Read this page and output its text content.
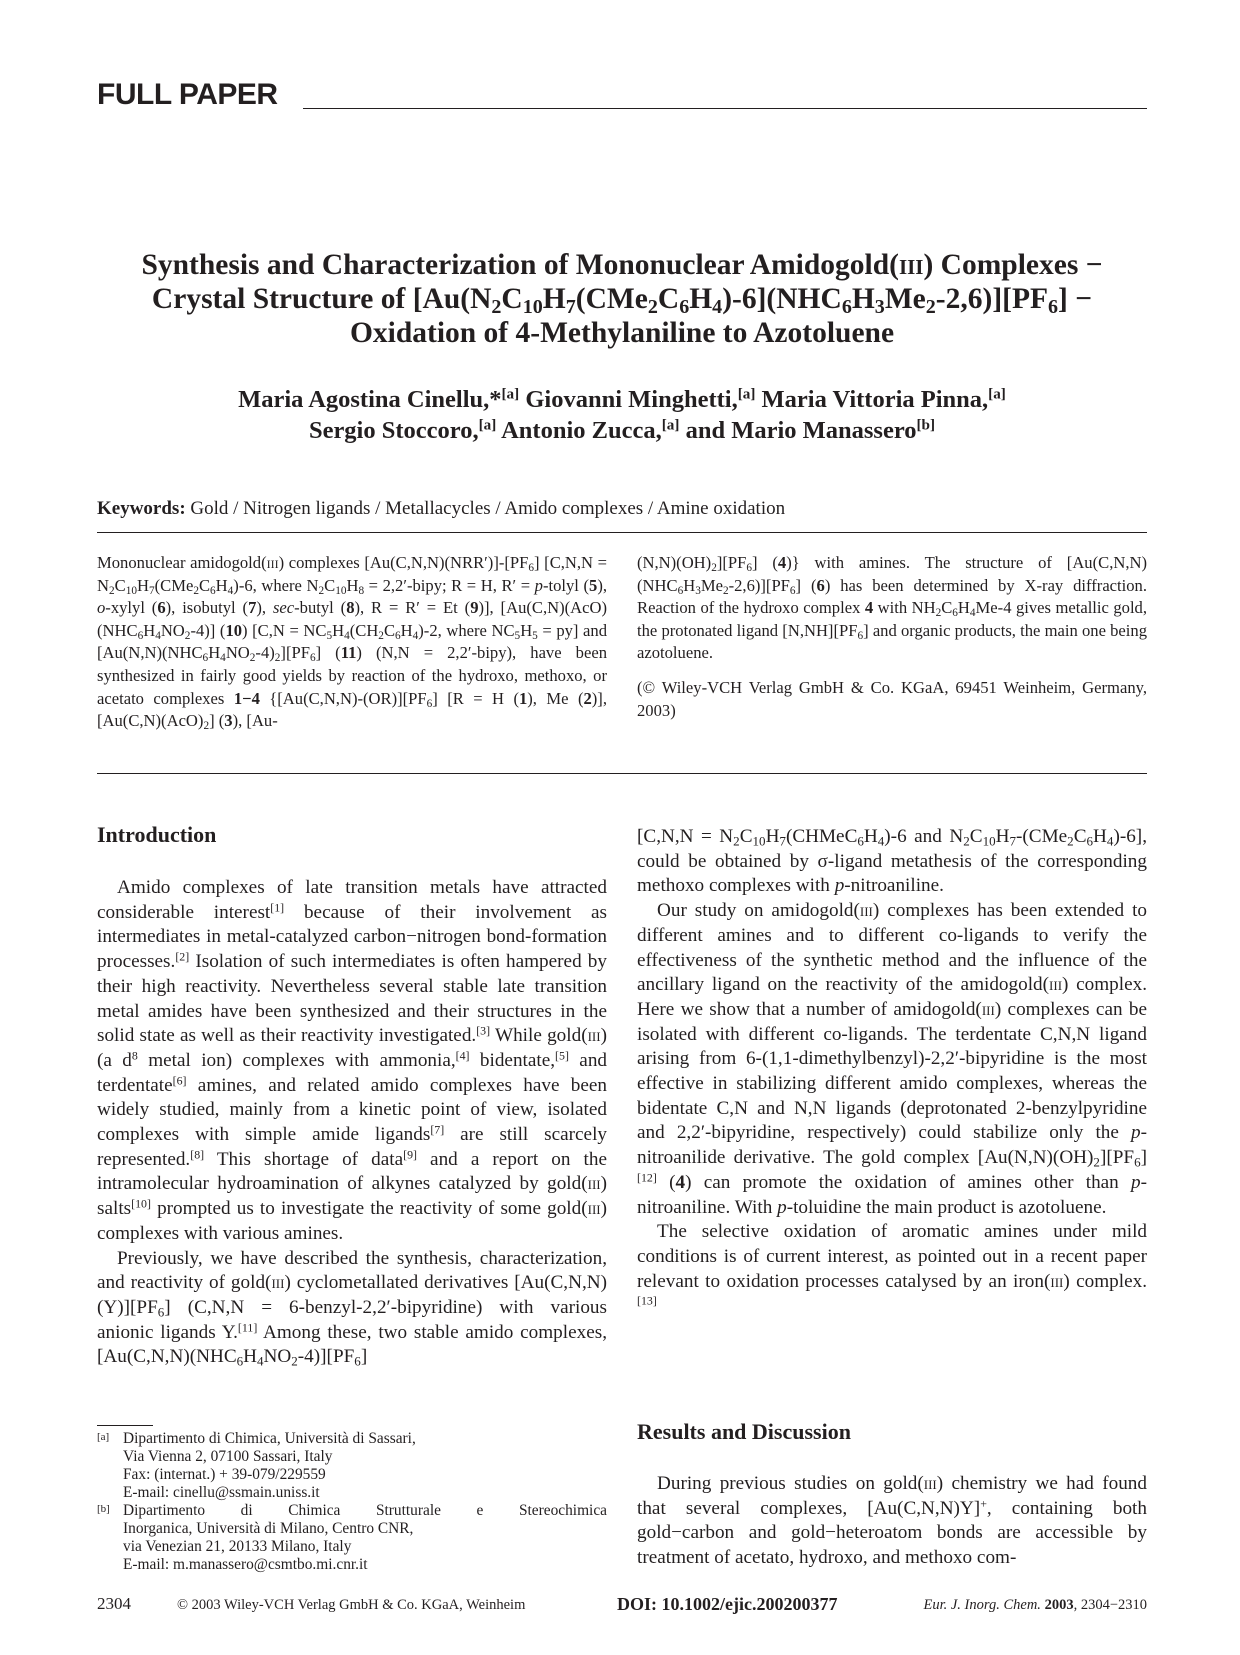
FULL PAPER
Synthesis and Characterization of Mononuclear Amidogold(iii) Complexes −
Crystal Structure of $[Au(N_2C_{10}H_7(CMe_2C_6H_4)-6](NHC_6H_3Me_2-2,6)][PF_6]$ −
Oxidation of 4-Methylaniline to Azotoluene
Maria Agostina Cinellu,*[a] Giovanni Minghetti,[a] Maria Vittoria Pinna,[a]
Sergio Stoccoro,[a] Antonio Zucca,[a] and Mario Manassero[b]
Keywords: Gold / Nitrogen ligands / Metallacycles / Amido complexes / Amine oxidation

Mononuclear amidogold(iii) complexes $[Au(C,N,N)(NRR')]-[PF_6] [C,N,N = N_2C_{10}H_7(CMe_2C_6H_4)-6$, where $N_2C_{10}H_8$ = 2,2′-bipy; R = H, R′ = p-tolyl (5), o-xylyl (6), isobutyl (7), sec-butyl (8), R = R′ = Et (9)], $[Au(C,N)(AcO)(NHC_6H_4NO_2-4)]$ (10) [$C,N = NC_5H_4(CH_2C_6H_4)-2$, where $NC_5H_5 = py$] and $[Au(N,N)(NHC_6H_4NO_2-4)_2][PF_6]$ (11) (N,N = 2,2′-bipy), have been synthesized in fairly good yields by reaction of the hydroxo, methoxo, or acetato complexes 1−4 {$[Au(C,N,N)-(OR)][PF_6] [R = H$ (1), Me (2)], $[Au(C,N)(AcO)_2]$ (3), [Au-

$(N,N)(OH)_2][PF_6]$ (4)} with amines. The structure of $[Au(C,N,N)(NHC_6H_3Me_2-2,6)][PF_6]$ (6) has been determined by X-ray diffraction. Reaction of the hydroxo complex 4 with $NH_2C_6H_4Me-4$ gives metallic gold, the protonated ligand $[N,NH][PF_6]$ and organic products, the main one being azotoluene.

(© Wiley-VCH Verlag GmbH & Co. KGaA, 69451 Weinheim, Germany, 2003)

Introduction

Amido complexes of late transition metals have attracted considerable interest[1] because of their involvement as intermediates in metal-catalyzed carbon−nitrogen bond-formation processes.[2] Isolation of such intermediates is often hampered by their high reactivity. Nevertheless several stable late transition metal amides have been synthesized and their structures in the solid state as well as their reactivity investigated.[3] While gold(iii) (a $d^8$ metal ion) complexes with ammonia,[4] bidentate,[5] and terdentate[6] amines, and related amido complexes have been widely studied, mainly from a kinetic point of view, isolated complexes with simple amide ligands[7] are still scarcely represented.[8] This shortage of data[9] and a report on the intramolecular hydroamination of alkynes catalyzed by gold(iii) salts[10] prompted us to investigate the reactivity of some gold(iii) complexes with various amines.

Previously, we have described the synthesis, characterization, and reactivity of gold(iii) cyclometallated derivatives $[Au(C,N,N)(Y)][PF_6] (C,N,N$ = 6-benzyl-2,2′-bipyridine) with various anionic ligands Y.[11] Among these, two stable amido complexes, $[Au(C,N,N)(NHC_6H_4NO_2-4)][PF_6]$

[$C,N,N = N_2C_{10}H_7(CHMeC_6H_4)-6$ and $N_2C_{10}H_7-(CMe_2C_6H_4)-6$], could be obtained by σ-ligand metathesis of the corresponding methoxo complexes with p-nitroaniline.

Our study on amidogold(iii) complexes has been extended to different amines and to different co-ligands to verify the effectiveness of the synthetic method and the influence of the ancillary ligand on the reactivity of the amidogold(iii) complex. Here we show that a number of amidogold(iii) complexes can be isolated with different co-ligands. The terdentate C,N,N ligand arising from 6-(1,1-dimethylbenzyl)-2,2′-bipyridine is the most effective in stabilizing different amido complexes, whereas the bidentate C,N and N,N ligands (deprotonated 2-benzylpyridine and 2,2′-bipyridine, respectively) could stabilize only the p-nitroanilide derivative. The gold complex $[Au(N,N)(OH)_2][PF_6][12]$ (4) can promote the oxidation of amines other than p-nitroaniline. With p-toluidine the main product is azotoluene.

The selective oxidation of aromatic amines under mild conditions is of current interest, as pointed out in a recent paper relevant to oxidation processes catalysed by an iron(iii) complex.[13]

Results and Discussion

During previous studies on gold(iii) chemistry we had found that several complexes, [Au(C,N,N)Y]+, containing both gold−carbon and gold−heteroatom bonds are accessible by treatment of acetato, hydroxo, and methoxo com-

[a] Dipartimento di Chimica, Università di Sassari,
Via Vienna 2, 07100 Sassari, Italy
Fax: (internat.) + 39-079/229559
E-mail: cinellu@ssmain.uniss.it
[b] Dipartimento di Chimica Strutturale e Stereochimica
Inorganica, Università di Milano, Centro CNR,
via Venezian 21, 20133 Milano, Italy
E-mail: m.manassero@csmtbo.mi.cnr.it
2304	© 2003 Wiley-VCH Verlag GmbH & Co. KGaA, Weinheim	DOI: 10.1002/ejic.200200377	Eur. J. Inorg. Chem. 2003, 2304−2310
